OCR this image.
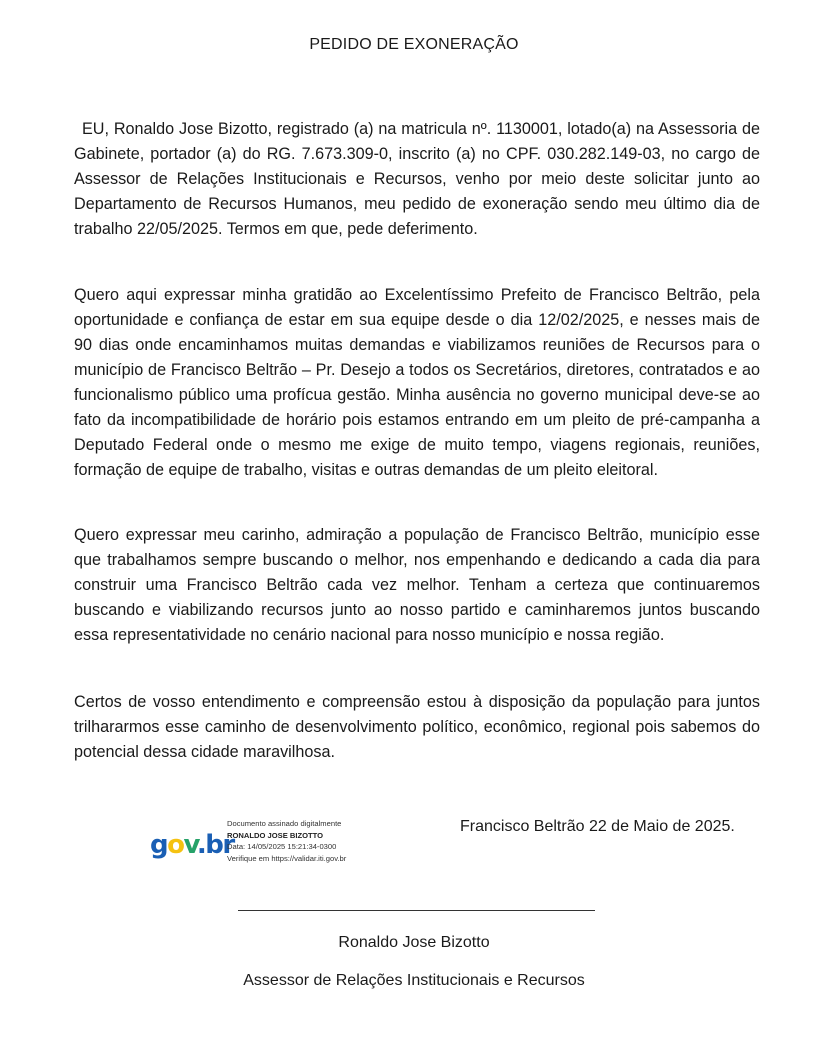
PEDIDO DE EXONERAÇÃO

EU, Ronaldo Jose Bizotto, registrado (a) na matricula nº. 1130001, lotado(a) na Assessoria de Gabinete, portador (a) do RG. 7.673.309-0, inscrito (a) no CPF. 030.282.149-03, no cargo de Assessor de Relações Institucionais e Recursos, venho por meio deste solicitar junto ao Departamento de Recursos Humanos, meu pedido de exoneração sendo meu último dia de trabalho 22/05/2025. Termos em que, pede deferimento.

Quero aqui expressar minha gratidão ao Excelentíssimo Prefeito de Francisco Beltrão, pela oportunidade e confiança de estar em sua equipe desde o dia 12/02/2025, e nesses mais de 90 dias onde encaminhamos muitas demandas e viabilizamos reuniões de Recursos para o município de Francisco Beltrão – Pr. Desejo a todos os Secretários, diretores, contratados e ao funcionalismo público uma profícua gestão. Minha ausência no governo municipal deve-se ao fato da incompatibilidade de horário pois estamos entrando em um pleito de pré-campanha a Deputado Federal onde o mesmo me exige de muito tempo, viagens regionais, reuniões, formação de equipe de trabalho, visitas e outras demandas de um pleito eleitoral.

Quero expressar meu carinho, admiração a população de Francisco Beltrão, município esse que trabalhamos sempre buscando o melhor, nos empenhando e dedicando a cada dia para construir uma Francisco Beltrão cada vez melhor. Tenham a certeza que continuaremos buscando e viabilizando recursos junto ao nosso partido e caminharemos juntos buscando essa representatividade no cenário nacional para nosso município e nossa região.

Certos de vosso entendimento e compreensão estou à disposição da população para juntos trilhararmos esse caminho de desenvolvimento político, econômico, regional pois sabemos do potencial dessa cidade maravilhosa.

gov.br
Documento assinado digitalmente
RONALDO JOSE BIZOTTO
Data: 14/05/2025 15:21:34-0300
Verifique em https://validar.iti.gov.br
Francisco Beltrão 22 de Maio de 2025.
Ronaldo Jose Bizotto
Assessor de Relações Institucionais e Recursos
